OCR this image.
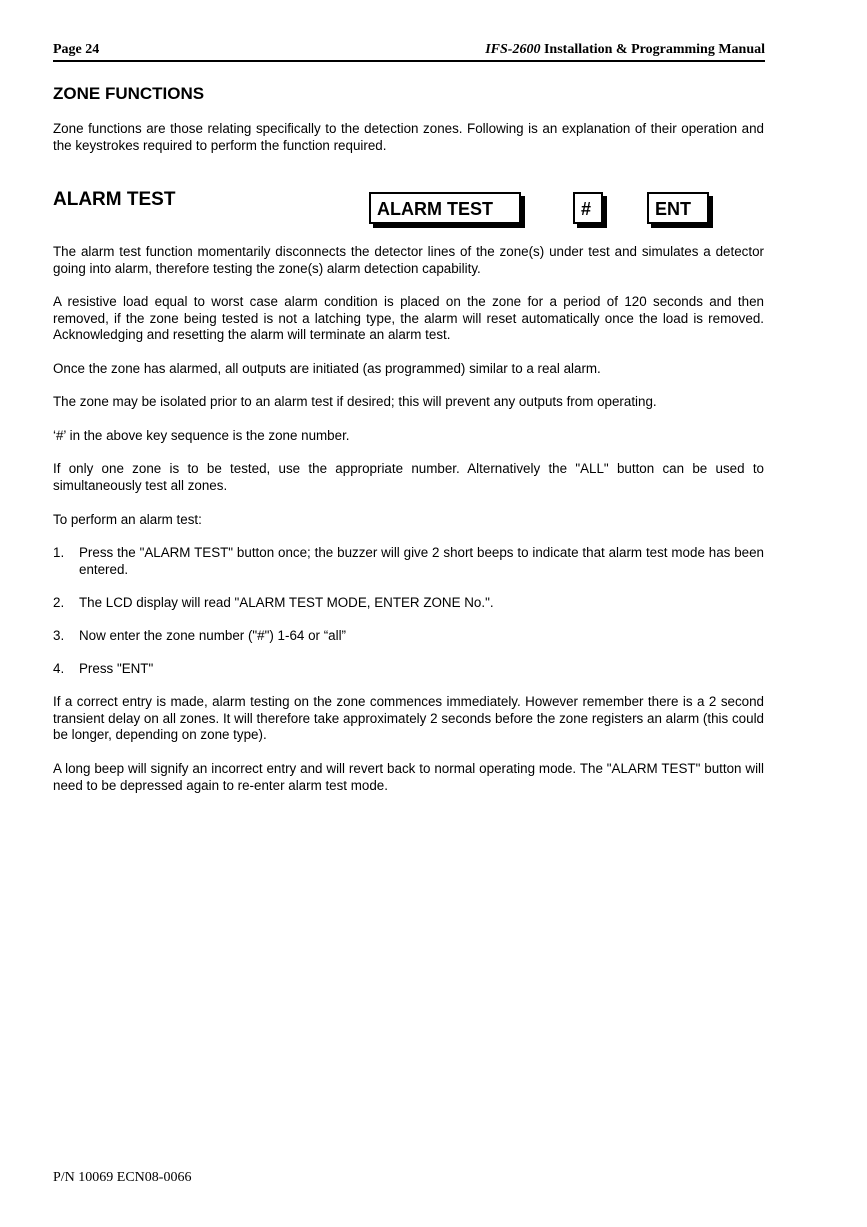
Page 24	IFS-2600 Installation & Programming Manual
ZONE FUNCTIONS

Zone functions are those relating specifically to the detection zones. Following is an explanation of their operation and the keystrokes required to perform the function required.

ALARM TEST	ALARM TEST	#	ENT

The alarm test function momentarily disconnects the detector lines of the zone(s) under test and simulates a detector going into alarm, therefore testing the zone(s) alarm detection capability.

A resistive load equal to worst case alarm condition is placed on the zone for a period of 120 seconds and then removed, if the zone being tested is not a latching type, the alarm will reset automatically once the load is removed. Acknowledging and resetting the alarm will terminate an alarm test.

Once the zone has alarmed, all outputs are initiated (as programmed) similar to a real alarm.

The zone may be isolated prior to an alarm test if desired; this will prevent any outputs from operating.

‘#’ in the above key sequence is the zone number.

If only one zone is to be tested, use the appropriate number. Alternatively the "ALL" button can be used to simultaneously test all zones.

To perform an alarm test:

1. Press the "ALARM TEST" button once; the buzzer will give 2 short beeps to indicate that alarm test mode has been entered.

2. The LCD display will read "ALARM TEST MODE, ENTER ZONE No.".

3. Now enter the zone number ("#") 1-64 or “all”

4. Press "ENT"

If a correct entry is made, alarm testing on the zone commences immediately. However remember there is a 2 second transient delay on all zones. It will therefore take approximately 2 seconds before the zone registers an alarm (this could be longer, depending on zone type).

A long beep will signify an incorrect entry and will revert back to normal operating mode. The "ALARM TEST" button will need to be depressed again to re-enter alarm test mode.

P/N 10069 ECN08-0066
